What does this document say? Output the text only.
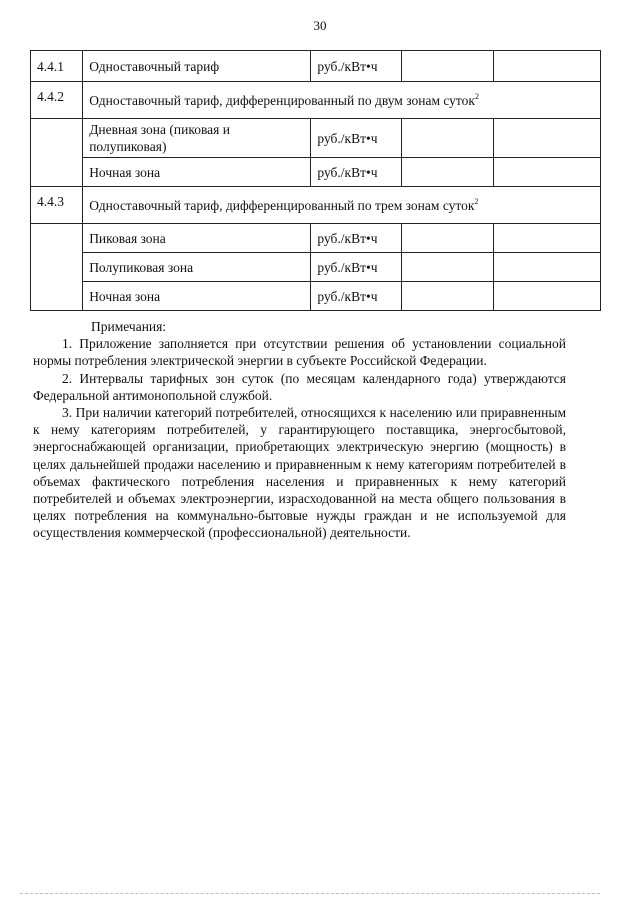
30
4.4.1	Одноставочный тариф	руб./кВт•ч		
4.4.2	Одноставочный тариф, дифференцированный по двум зонам суток$^2$
	Дневная зона (пиковая и полупиковая)	руб./кВт•ч		
	Ночная зона	руб./кВт•ч		
4.4.3	Одноставочный тариф, дифференцированный по трем зонам суток$^2$
	Пиковая зона	руб./кВт•ч		
	Полупиковая зона	руб./кВт•ч		
	Ночная зона	руб./кВт•ч		

Примечания:

1. Приложение заполняется при отсутствии решения об установлении социальной нормы потребления электрической энергии в субъекте Российской Федерации.

2. Интервалы тарифных зон суток (по месяцам календарного года) утверждаются Федеральной антимонопольной службой.

3. При наличии категорий потребителей, относящихся к населению или приравненным к нему категориям потребителей, у гарантирующего поставщика, энергосбытовой, энергоснабжающей организации, приобретающих электрическую энергию (мощность) в целях дальнейшей продажи населению и приравненным к нему категориям потребителей в объемах фактического потребления населения и приравненных к нему категорий потребителей и объемах электроэнергии, израсходованной на места общего пользования в целях потребления на коммунально-бытовые нужды граждан и не используемой для осуществления коммерческой (профессиональной) деятельности.
